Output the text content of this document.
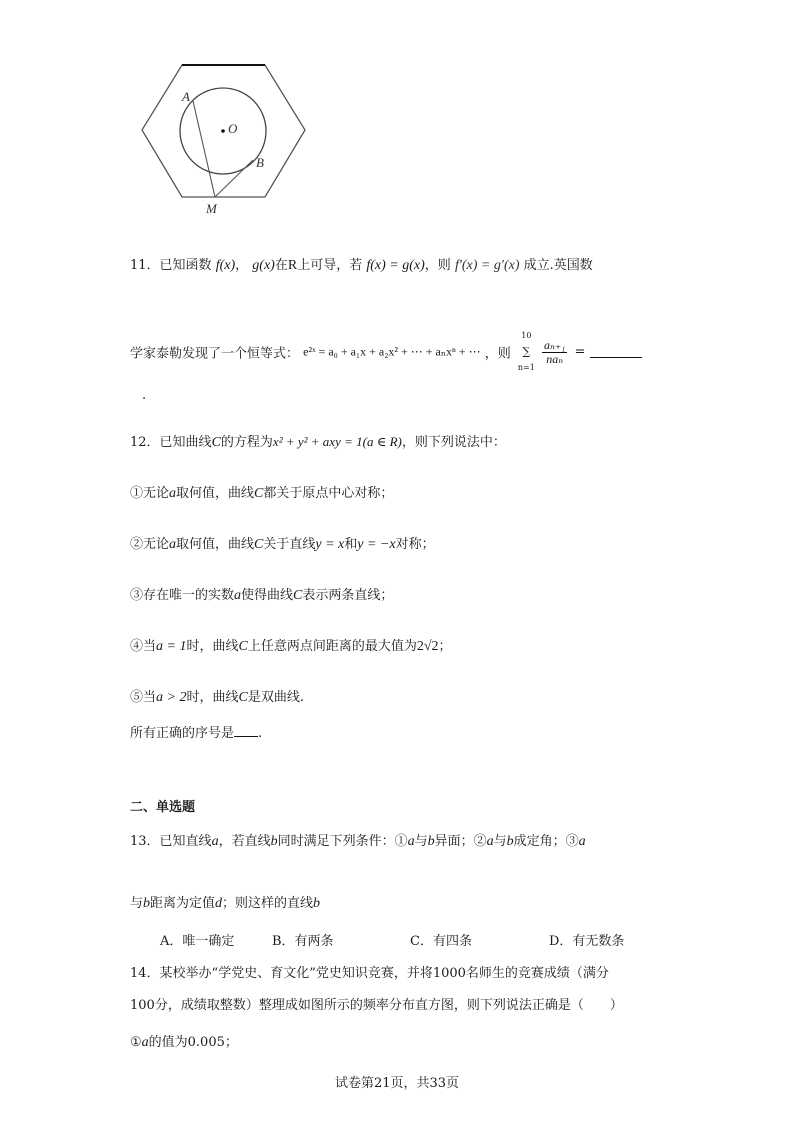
A
O
B
M
11．已知函数 f(x)， g(x)在R上可导，若 f(x) = g(x)，则 f′(x) = g′(x) 成立.英国数
学家泰勒发现了一个恒等式： e²ˣ = a₀ + a₁x + a₂x² + ⋯ + aₙxⁿ + ⋯ ，则
10
∑
n=1

$\frac{\text{aₙ₊₁}}{\text{naₙ}}$ =
.
12．已知曲线C的方程为x² + y² + axy = 1(a ∈ R)，则下列说法中：
①无论a取何值，曲线C都关于原点中心对称；
②无论a取何值，曲线C关于直线y = x和y = −x对称；
③存在唯一的实数a使得曲线C表示两条直线；
④当a = 1时，曲线C上任意两点间距离的最大值为2√2；
⑤当a > 2时，曲线C是双曲线.
所有正确的序号是 .
二、单选题
13．已知直线a，若直线b同时满足下列条件：①a与b异面；②a与b成定角；③a
与b距离为定值d；则这样的直线b
A．唯一确定	B．有两条	C．有四条	D．有无数条
14．某校举办“学党史、育文化”党史知识竞赛，并将1000名师生的竞赛成绩（满分
100分，成绩取整数）整理成如图所示的频率分布直方图，则下列说法正确是（　　）
①a的值为0.005；
试卷第21页，共33页
